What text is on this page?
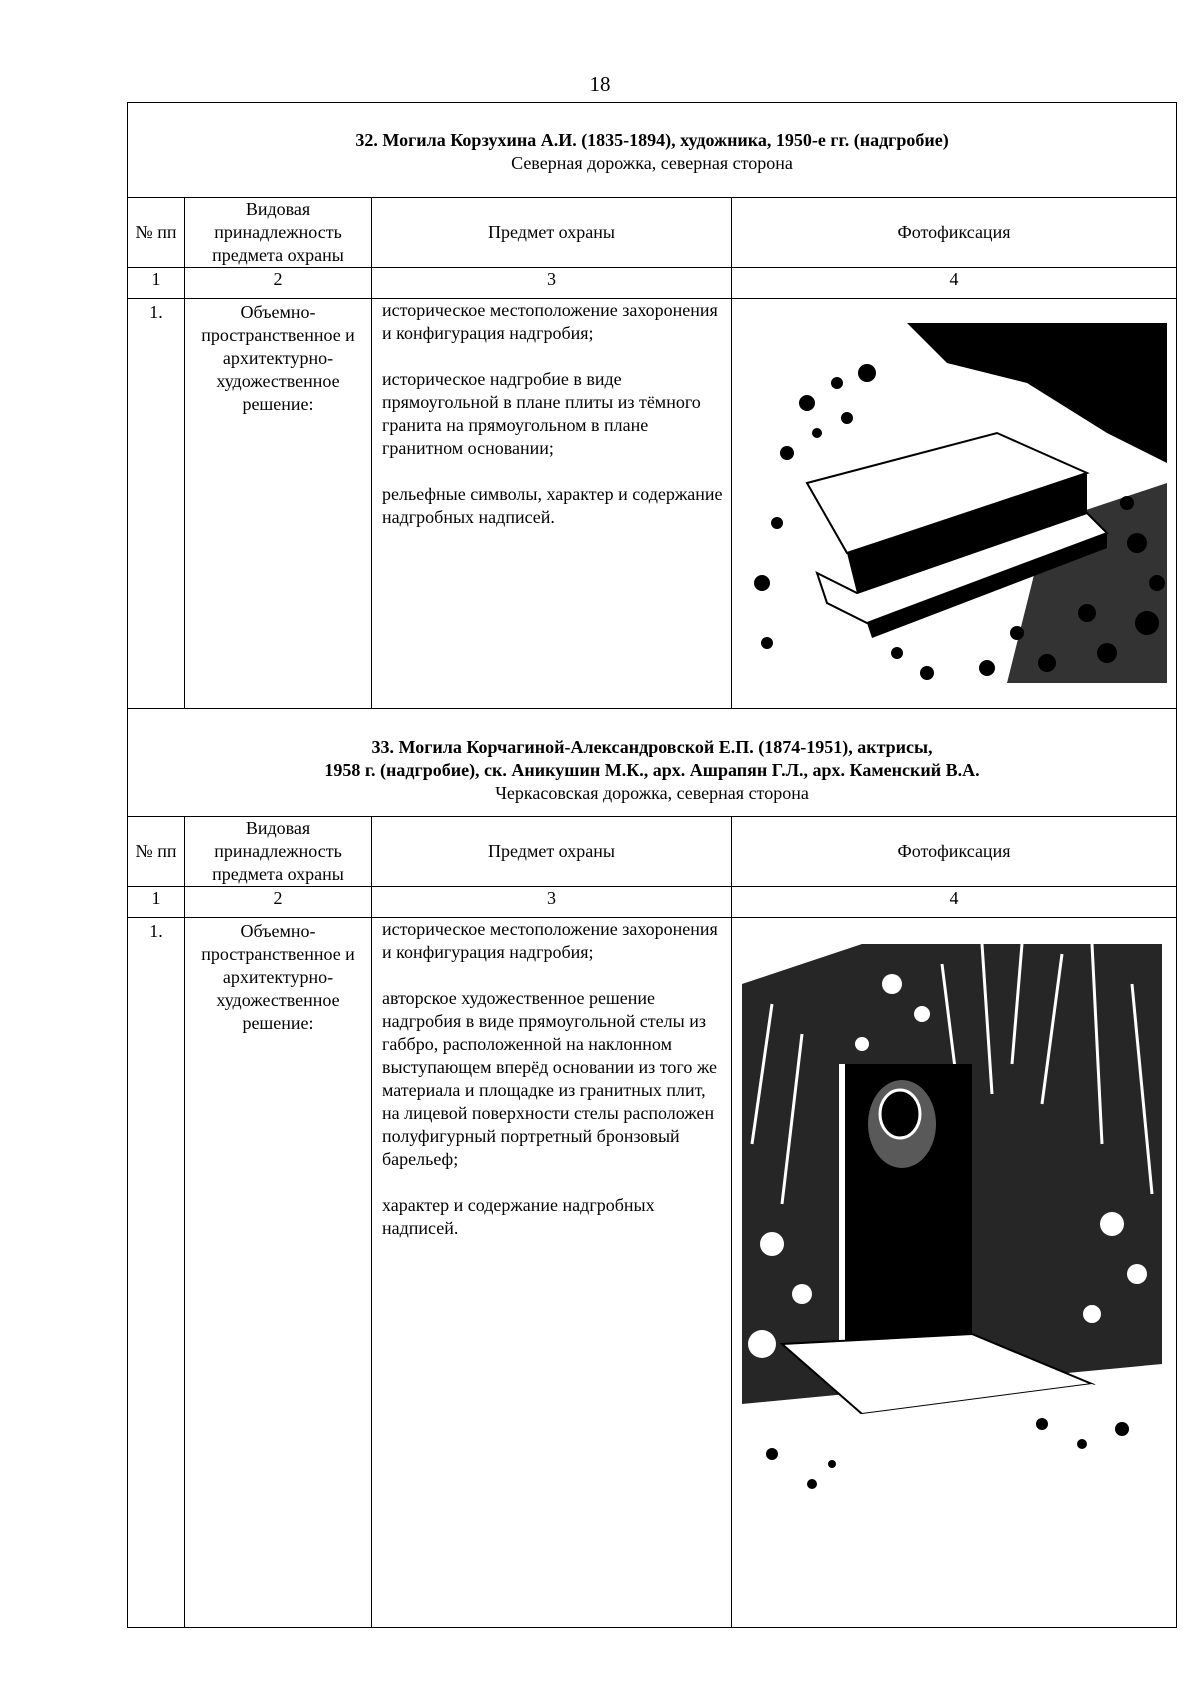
18
32. Могила Корзухина А.И. (1835-1894), художника, 1950-е гг. (надгробие)
Северная дорожка, северная сторона			

№ пп	Видовая принадлежность предмета охраны	Предмет охраны	Фотофиксация
1	2	3	4
1.	Объемно-пространственное и архитектурно-художественное решение:	историческое местоположение захоронения и конфигурация надгробия;

историческое надгробие в виде прямоугольной в плане плиты из тёмного гранита на прямоугольном в плане гранитном основании;

рельефные символы, характер и содержание надгробных надписей.

33. Могила Корчагиной-Александровской Е.П. (1874-1951), актрисы,
1958 г. (надгробие), ск. Аникушин М.К., арх. Ашрапян Г.Л., арх. Каменский В.А.
Черкасовская дорожка, северная сторона			

№ пп	Видовая принадлежность предмета охраны	Предмет охраны	Фотофиксация
1	2	3	4
1.	Объемно-пространственное и архитектурно-художественное решение:	историческое местоположение захоронения и конфигурация надгробия;

авторское художественное решение надгробия в виде прямоугольной стелы из габбро, расположенной на наклонном выступающем вперёд основании из того же материала и площадке из гранитных плит, на лицевой поверхности стелы расположен полуфигурный портретный бронзовый барельеф;

характер и содержание надгробных надписей.
